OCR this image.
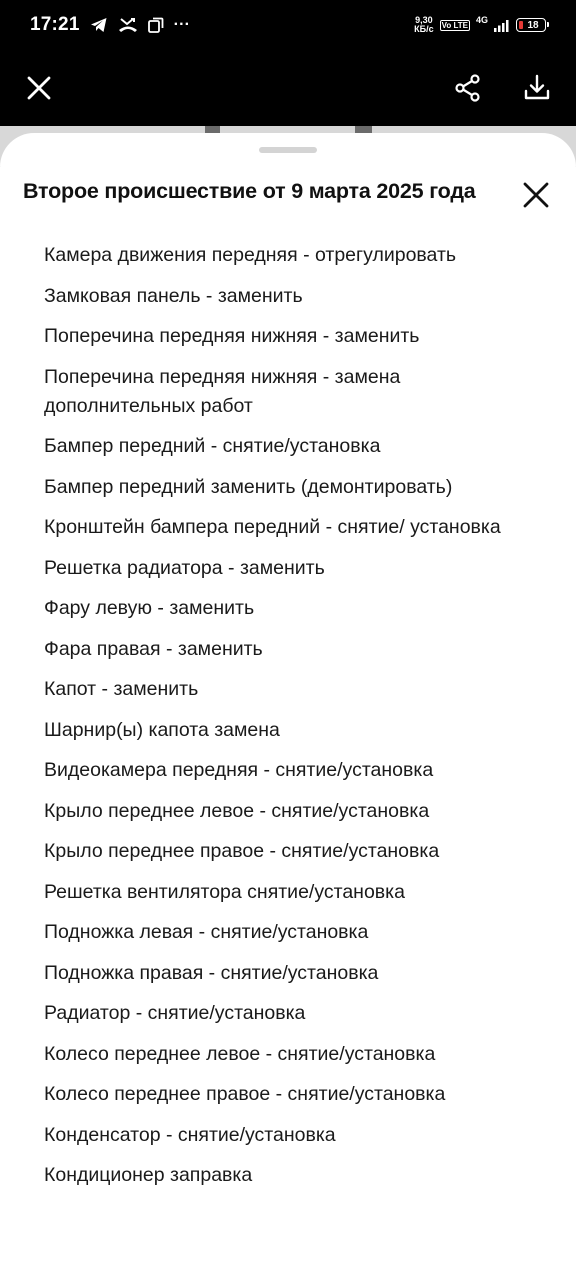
17:21	···	9,30
КБ/с Vo LTE 4G	18
Второе происшествие от 9 марта 2025 года
Камера движения передняя - отрегулировать
Замковая панель - заменить
Поперечина передняя нижняя - заменить
Поперечина передняя нижняя - замена дополнительных работ
Бампер передний - снятие/установка
Бампер передний заменить (демонтировать)
Кронштейн бампера передний - снятие/ установка
Решетка радиатора - заменить
Фару левую - заменить
Фара правая - заменить
Капот - заменить
Шарнир(ы) капота замена
Видеокамера передняя - снятие/установка
Крыло переднее левое - снятие/установка
Крыло переднее правое - снятие/установка
Решетка вентилятора снятие/установка
Подножка левая - снятие/установка
Подножка правая - снятие/установка
Радиатор - снятие/установка
Колесо переднее левое - снятие/установка
Колесо переднее правое - снятие/установка
Конденсатор - снятие/установка
Кондиционер заправка
